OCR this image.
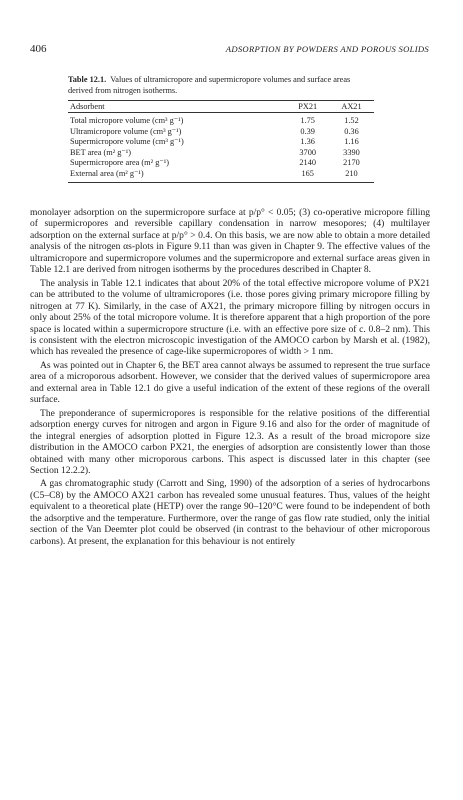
406	ADSORPTION BY POWDERS AND POROUS SOLIDS
Table 12.1. Values of ultramicropore and supermicropore volumes and surface areas derived from nitrogen isotherms.
Adsorbent	PX21	AX21
Total micropore volume (cm³ g⁻¹)	1.75	1.52
Ultramicropore volume (cm³ g⁻¹)	0.39	0.36
Supermicropore volume (cm³ g⁻¹)	1.36	1.16
BET area (m² g⁻¹)	3700	3390
Supermicropore area (m² g⁻¹)	2140	2170
External area (m² g⁻¹)	165	210

monolayer adsorption on the supermicropore surface at p/p° < 0.05; (3) co-operative micropore filling of supermicropores and reversible capillary condensation in narrow mesopores; (4) multilayer adsorption on the external surface at p/p° > 0.4. On this basis, we are now able to obtain a more detailed analysis of the nitrogen αs-plots in Figure 9.11 than was given in Chapter 9. The effective values of the ultramicropore and supermicropore volumes and the supermicropore and external surface areas given in Table 12.1 are derived from nitrogen isotherms by the procedures described in Chapter 8.

The analysis in Table 12.1 indicates that about 20% of the total effective micropore volume of PX21 can be attributed to the volume of ultramicropores (i.e. those pores giving primary micropore filling by nitrogen at 77 K). Similarly, in the case of AX21, the primary micropore filling by nitrogen occurs in only about 25% of the total micropore volume. It is therefore apparent that a high proportion of the pore space is located within a supermicropore structure (i.e. with an effective pore size of c. 0.8–2 nm). This is consistent with the electron microscopic investigation of the AMOCO carbon by Marsh et al. (1982), which has revealed the presence of cage-like supermicropores of width > 1 nm.

As was pointed out in Chapter 6, the BET area cannot always be assumed to represent the true surface area of a microporous adsorbent. However, we consider that the derived values of supermicropore area and external area in Table 12.1 do give a useful indication of the extent of these regions of the overall surface.

The preponderance of supermicropores is responsible for the relative positions of the differential adsorption energy curves for nitrogen and argon in Figure 9.16 and also for the order of magnitude of the integral energies of adsorption plotted in Figure 12.3. As a result of the broad micropore size distribution in the AMOCO carbon PX21, the energies of adsorption are consistently lower than those obtained with many other microporous carbons. This aspect is discussed later in this chapter (see Section 12.2.2).

A gas chromatographic study (Carrott and Sing, 1990) of the adsorption of a series of hydrocarbons (C5–C8) by the AMOCO AX21 carbon has revealed some unusual features. Thus, values of the height equivalent to a theoretical plate (HETP) over the range 90–120°C were found to be independent of both the adsorptive and the temperature. Furthermore, over the range of gas flow rate studied, only the initial section of the Van Deemter plot could be observed (in contrast to the behaviour of other microporous carbons). At present, the explanation for this behaviour is not entirely
